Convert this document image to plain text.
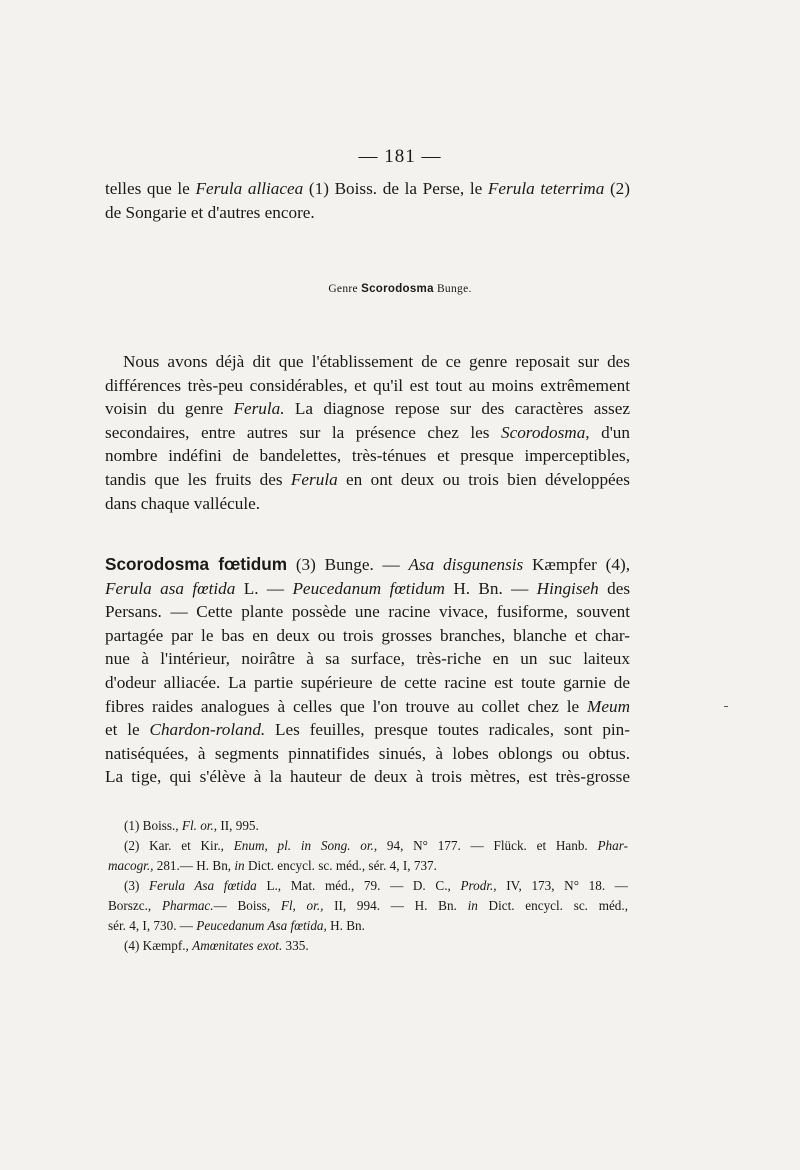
— 181 —

telles que le Ferula alliacea (1) Boiss. de la Perse, le Ferula teterrima (2)
de Songarie et d'autres encore.

Genre Scorodosma Bunge.

Nous avons déjà dit que l'établissement de ce genre reposait sur des
différences très-peu considérables, et qu'il est tout au moins extrêmement
voisin du genre Ferula. La diagnose repose sur des caractères assez
secondaires, entre autres sur la présence chez les Scorodosma, d'un
nombre indéfini de bandelettes, très-ténues et presque imperceptibles,
tandis que les fruits des Ferula en ont deux ou trois bien développées
dans chaque vallécule.

Scorodosma fœtidum (3) Bunge. — Asa disgunensis Kæmpfer (4),
Ferula asa fœtida L. — Peucedanum fœtidum H. Bn. — Hingiseh des
Persans. — Cette plante possède une racine vivace, fusiforme, souvent
partagée par le bas en deux ou trois grosses branches, blanche et char-
nue à l'intérieur, noirâtre à sa surface, très-riche en un suc laiteux
d'odeur alliacée. La partie supérieure de cette racine est toute garnie de
fibres raides analogues à celles que l'on trouve au collet chez le Meum
et le Chardon-roland. Les feuilles, presque toutes radicales, sont pin-
natiséquées, à segments pinnatifides sinués, à lobes oblongs ou obtus.
La tige, qui s'élève à la hauteur de deux à trois mètres, est très-grosse

(1) Boiss., Fl. or., II, 995.
(2) Kar. et Kir., Enum, pl. in Song. or., 94, N° 177. — Flück. et Hanb. Phar-
macogr., 281.— H. Bn, in Dict. encycl. sc. méd., sér. 4, I, 737.
(3) Ferula Asa fœtida L., Mat. méd., 79. — D. C., Prodr., IV, 173, N° 18. —
Borszc., Pharmac.— Boiss, Fl, or., II, 994. — H. Bn. in Dict. encycl. sc. méd.,
sér. 4, I, 730. — Peucedanum Asa fœtida, H. Bn.
(4) Kæmpf., Amœnitates exot. 335.
